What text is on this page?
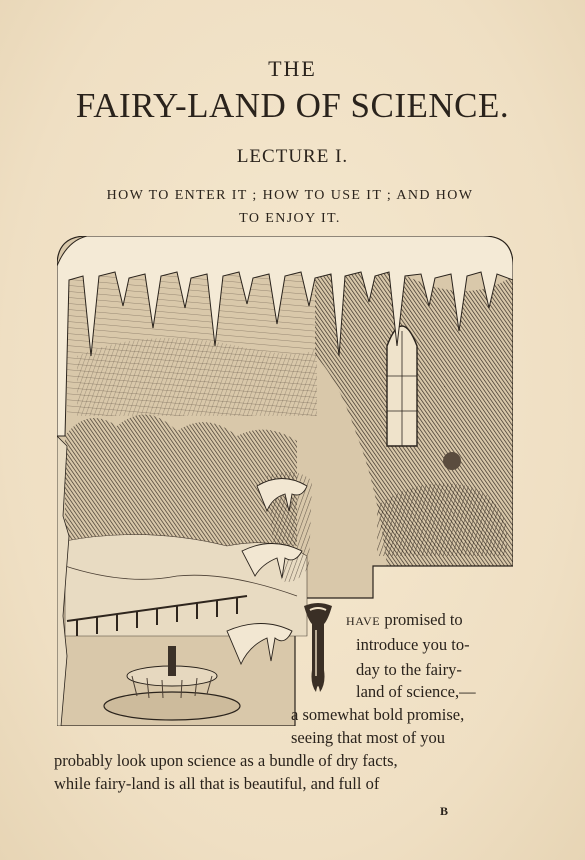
THE
FAIRY-LAND OF SCIENCE.
LECTURE I.
HOW TO ENTER IT ; HOW TO USE IT ; AND HOW
TO ENJOY IT.
have promised to
introduce you to-
day to the fairy-
land of science,—
a somewhat bold promise,
seeing that most of you
probably look upon science as a bundle of dry facts,
while fairy-land is all that is beautiful, and full of
B
